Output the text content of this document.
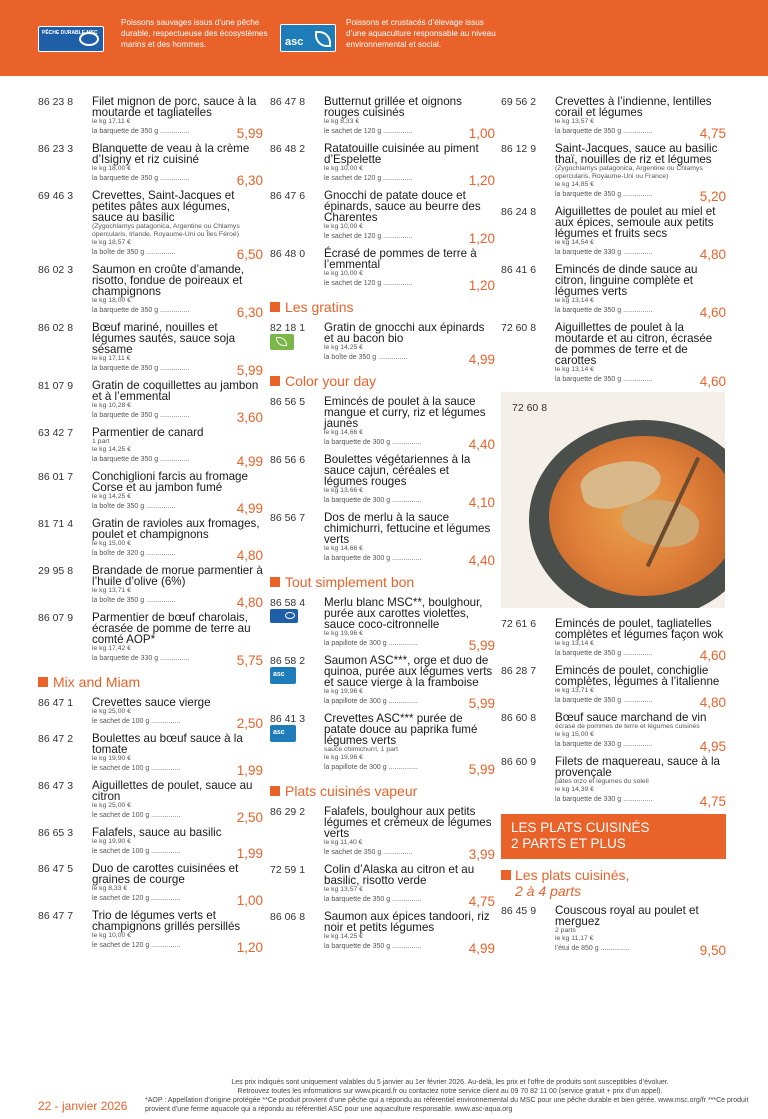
PÊCHE DURABLE MSC
Poissons sauvages issus d’une pêche durable, respectueuse des écosystèmes marins et des hommes.	asc
Poissons et crustacés d’élevage issus d’une aquaculture responsable au niveau environnemental et social.
86 23 8 Filet mignon de porc, sauce à la moutarde et tagliatelles
le kg 17,11 €
la barquette de 350 g ...............	5,99
86 23 3 Blanquette de veau à la crème d’Isigny et riz cuisiné
le kg 18,00 €
la barquette de 350 g ...............	6,30
69 46 3 Crevettes, Saint-Jacques et petites pâtes aux légumes, sauce au basilic
(Zygochlamys patagonica, Argentine ou Chlamys opercularis, Irlande, Royaume-Uni ou Îles Féroé)
le kg 18,57 €
la boîte de 350 g ...............	6,50
86 02 3 Saumon en croûte d’amande, risotto, fondue de poireaux et champignons
le kg 18,00 €
la barquette de 350 g ...............	6,30
86 02 8 Bœuf mariné, nouilles et légumes sautés, sauce soja sésame
le kg 17,11 €
la barquette de 350 g ...............	5,99
81 07 9 Gratin de coquillettes au jambon et à l’emmental
le kg 10,28 €
la barquette de 350 g ...............	3,60
63 42 7 Parmentier de canard
1 part
le kg 14,25 €
la barquette de 350 g ...............	4,99
86 01 7 Conchiglioni farcis au fromage Corse et au jambon fumé
le kg 14,25 €
la boîte de 350 g ...............	4,99
81 71 4 Gratin de ravioles aux fromages, poulet et champignons
le kg 15,00 €
la boîte de 320 g ...............	4,80
29 95 8 Brandade de morue parmentier à l’huile d’olive (6%)
le kg 13,71 €
la boîte de 350 g ...............	4,80
86 07 9 Parmentier de bœuf charolais, écrasée de pomme de terre au comté AOP*
le kg 17,42 €
la barquette de 330 g ...............	5,75
Mix and Miam
86 47 1 Crevettes sauce vierge
le kg 25,00 €
le sachet de 100 g ...............	2,50
86 47 2 Boulettes au bœuf sauce à la tomate
le kg 19,90 €
le sachet de 100 g ...............	1,99
86 47 3 Aiguillettes de poulet, sauce au citron
le kg 25,00 €
le sachet de 100 g ...............	2,50
86 65 3 Falafels, sauce au basilic
le kg 19,90 €
le sachet de 100 g ...............	1,99
86 47 5 Duo de carottes cuisinées et graines de courge
le kg 8,33 €
le sachet de 120 g ...............	1,00
86 47 7 Trio de légumes verts et champignons grillés persillés
le kg 10,00 €
le sachet de 120 g ...............	1,20
86 47 8 Butternut grillée et oignons rouges cuisinés
le kg 8,33 €
le sachet de 120 g ...............	1,00
86 48 2 Ratatouille cuisinée au piment d’Espelette
le kg 10,00 €
le sachet de 120 g ...............	1,20
86 47 6 Gnocchi de patate douce et épinards, sauce au beurre des Charentes
le kg 10,00 €
le sachet de 120 g ...............	1,20
86 48 0 Écrasé de pommes de terre à l’emmental
le kg 10,00 €
le sachet de 120 g ...............	1,20
Les gratins
82 18 1 Gratin de gnocchi aux épinards et au bacon bio
le kg 14,25 €
la boîte de 350 g ...............	4,99
Color your day
86 56 5 Emincés de poulet à la sauce mangue et curry, riz et légumes jaunes
le kg 14,66 €
la barquette de 300 g ...............	4,40
86 56 6 Boulettes végétariennes à la sauce cajun, céréales et légumes rouges
le kg 13,66 €
la barquette de 300 g ...............	4,10
86 56 7 Dos de merlu à la sauce chimichurri, fettucine et légumes verts
le kg 14,66 €
la barquette de 300 g ...............	4,40
Tout simplement bon
86 58 4 Merlu blanc MSC**, boulghour, purée aux carottes violettes, sauce coco-citronnelle
le kg 19,96 €
la papillote de 300 g ...............	5,99
86 58 2
asc
Saumon ASC***, orge et duo de quinoa, purée aux légumes verts et sauce vierge à la framboise
le kg 19,96 €
la papillote de 300 g ...............	5,99
86 41 3
asc
Crevettes ASC*** purée de patate douce au paprika fumé légumes verts
sauce chimichurri, 1 part
le kg 19,96 €
la papillote de 300 g ...............	5,99
Plats cuisinés vapeur
86 29 2 Falafels, boulghour aux petits légumes et crémeux de légumes verts
le kg 11,40 €
le sachet de 350 g ...............	3,99
72 59 1 Colin d’Alaska au citron et au basilic, risotto verde
le kg 13,57 €
la barquette de 350 g ...............	4,75
86 06 8 Saumon aux épices tandoori, riz noir et petits légumes
le kg 14,25 €
la barquette de 350 g ...............	4,99
69 56 2 Crevettes à l’indienne, lentilles corail et légumes
le kg 13,57 €
la barquette de 350 g ...............	4,75
86 12 9 Saint-Jacques, sauce au basilic thaï, nouilles de riz et légumes
(Zygochlamys patagonica, Argentine ou Chlamys opercularis, Royaume-Uni ou France)
le kg 14,85 €
la barquette de 350 g ...............	5,20
86 24 8 Aiguillettes de poulet au miel et aux épices, semoule aux petits légumes et fruits secs
le kg 14,54 €
la barquette de 330 g ...............	4,80
86 41 6 Emincés de dinde sauce au citron, linguine complète et légumes verts
le kg 13,14 €
la barquette de 350 g ...............	4,60
72 60 8 Aiguillettes de poulet à la moutarde et au citron, écrasée de pommes de terre et de carottes
le kg 13,14 €
la barquette de 350 g ...............	4,60
72 60 8
72 61 6 Emincés de poulet, tagliatelles complètes et légumes façon wok
le kg 13,14 €
la barquette de 350 g ...............	4,60
86 28 7 Emincés de poulet, conchiglie complètes, légumes à l’italienne
le kg 13,71 €
la barquette de 350 g ...............	4,80
86 60 8 Bœuf sauce marchand de vin
écrasé de pommes de terre et légumes cuisinés
le kg 15,00 €
la barquette de 330 g ...............	4,95
86 60 9 Filets de maquereau, sauce à la provençale
pâtes orzo et légumes du soleil
le kg 14,39 €
la barquette de 330 g ...............	4,75
LES PLATS CUISINÉS
2 PARTS ET PLUS
Les plats cuisinés,
2 à 4 parts
86 45 9 Couscous royal au poulet et merguez
2 parts
le kg 11,17 €
l’étui de 850 g ...............	9,50
Les prix indiqués sont uniquement valables du 5 janvier au 1er février 2026. Au-delà, les prix et l’offre de produits sont susceptibles d’évoluer.
Retrouvez toutes les informations sur www.picard.fr ou contactez notre service client au 09 70 82 11 00 (service gratuit + prix d’un appel).
22 - janvier 2026	*AOP : Appellation d’origine protégée **Ce produit provient d’une pêche qui a répondu au référentiel environnemental du MSC pour une pêche durable et bien gérée. www.msc.org/fr ***Ce produit provient d’une ferme aquacole qui a répondu au référentiel ASC pour une aquaculture responsable. www.asc-aqua.org
